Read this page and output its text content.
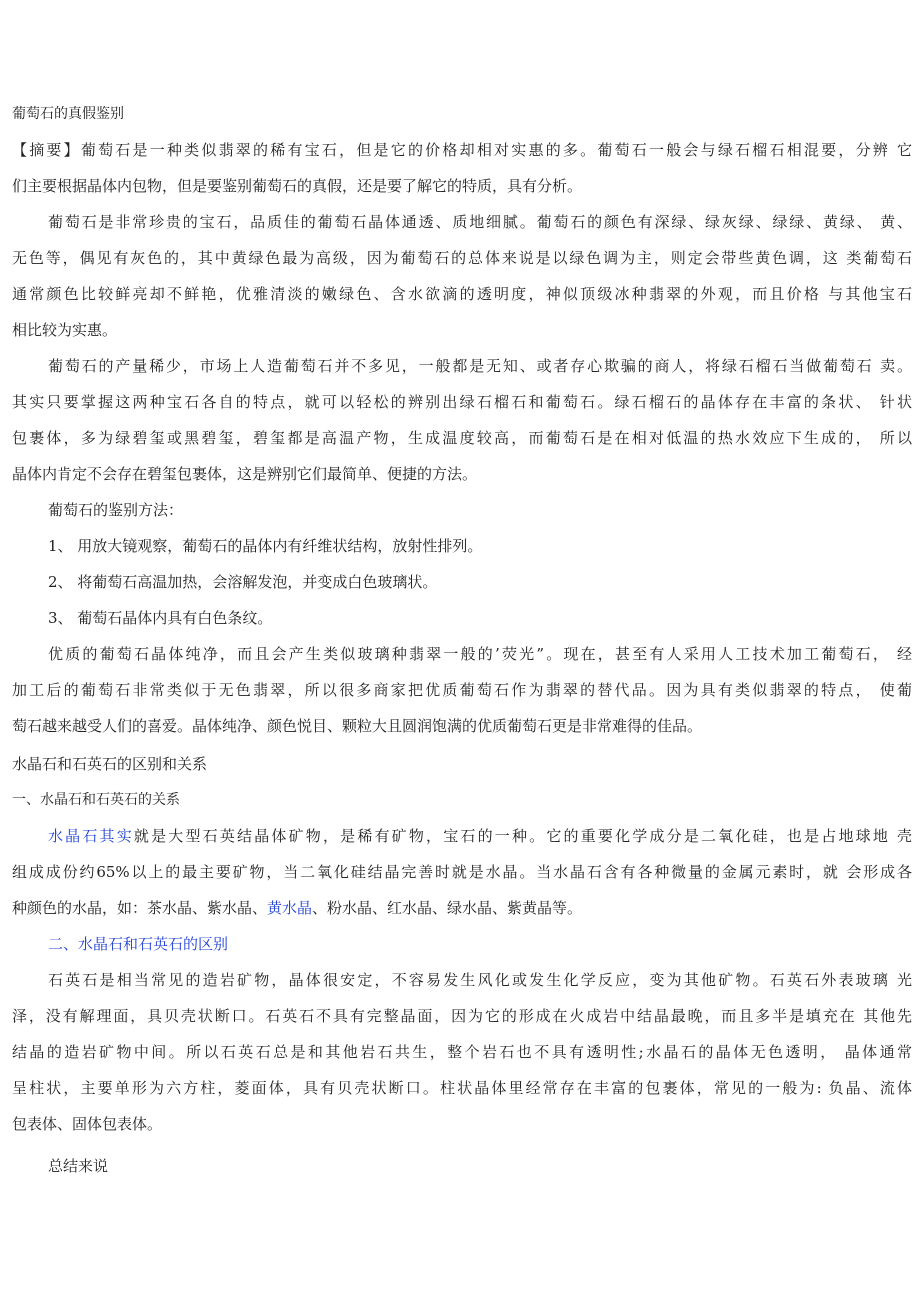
葡萄石的真假鉴别
【摘要】葡萄石是一种类似翡翠的稀有宝石，但是它的价格却相对实惠的多。葡萄石一般会与绿石榴石相混要，分辨 它
们主要根据晶体内包物，但是要鉴别葡萄石的真假，还是要了解它的特质，具有分析。
葡萄石是非常珍贵的宝石，品质佳的葡萄石晶体通透、质地细腻。葡萄石的颜色有深绿、绿灰绿、绿绿、黄绿、 黄、
无色等，偶见有灰色的，其中黄绿色最为高级，因为葡萄石的总体来说是以绿色调为主，则定会带些黄色调，这 类葡萄石
通常颜色比较鲜亮却不鲜艳，优雅清淡的嫩绿色、含水欲滴的透明度，神似顶级冰种翡翠的外观，而且价格 与其他宝石
相比较为实惠。
葡萄石的产量稀少，市场上人造葡萄石并不多见，一般都是无知、或者存心欺骗的商人，将绿石榴石当做葡萄石 卖。
其实只要掌握这两种宝石各自的特点，就可以轻松的辨别出绿石榴石和葡萄石。绿石榴石的晶体存在丰富的条状、 针状
包裹体，多为绿碧玺或黑碧玺，碧玺都是高温产物，生成温度较高，而葡萄石是在相对低温的热水效应下生成的， 所以
晶体内肯定不会存在碧玺包裹体，这是辨别它们最简单、便捷的方法。
葡萄石的鉴别方法：
1、 用放大镜观察，葡萄石的晶体内有纤维状结构，放射性排列。
2、 将葡萄石高温加热，会溶解发泡，并变成白色玻璃状。
3、 葡萄石晶体内具有白色条纹。
优质的葡萄石晶体纯净，而且会产生类似玻璃种翡翠一般的’荧光”。现在，甚至有人采用人工技术加工葡萄石， 经
加工后的葡萄石非常类似于无色翡翠，所以很多商家把优质葡萄石作为翡翠的替代品。因为具有类似翡翠的特点， 使葡
萄石越来越受人们的喜爱。晶体纯净、颜色悦目、颗粒大且圆润饱满的优质葡萄石更是非常难得的佳品。
水晶石和石英石的区别和关系
一、水晶石和石英石的关系
水晶石其实就是大型石英结晶体矿物，是稀有矿物，宝石的一种。它的重要化学成分是二氧化硅，也是占地球地 壳
组成成份约65%以上的最主要矿物，当二氧化硅结晶完善时就是水晶。当水晶石含有各种微量的金属元素时，就 会形成各
种颜色的水晶，如：茶水晶、紫水晶、黄水晶、粉水晶、红水晶、绿水晶、紫黄晶等。
二、水晶石和石英石的区别
石英石是相当常见的造岩矿物，晶体很安定，不容易发生风化或发生化学反应，变为其他矿物。石英石外表玻璃 光
泽，没有解理面，具贝壳状断口。石英石不具有完整晶面，因为它的形成在火成岩中结晶最晚，而且多半是填充在 其他先
结晶的造岩矿物中间。所以石英石总是和其他岩石共生，整个岩石也不具有透明性;水晶石的晶体无色透明， 晶体通常
呈柱状，主要单形为六方柱，菱面体，具有贝壳状断口。柱状晶体里经常存在丰富的包裹体，常见的一般为: 负晶、流体
包表体、固体包表体。
总结来说
